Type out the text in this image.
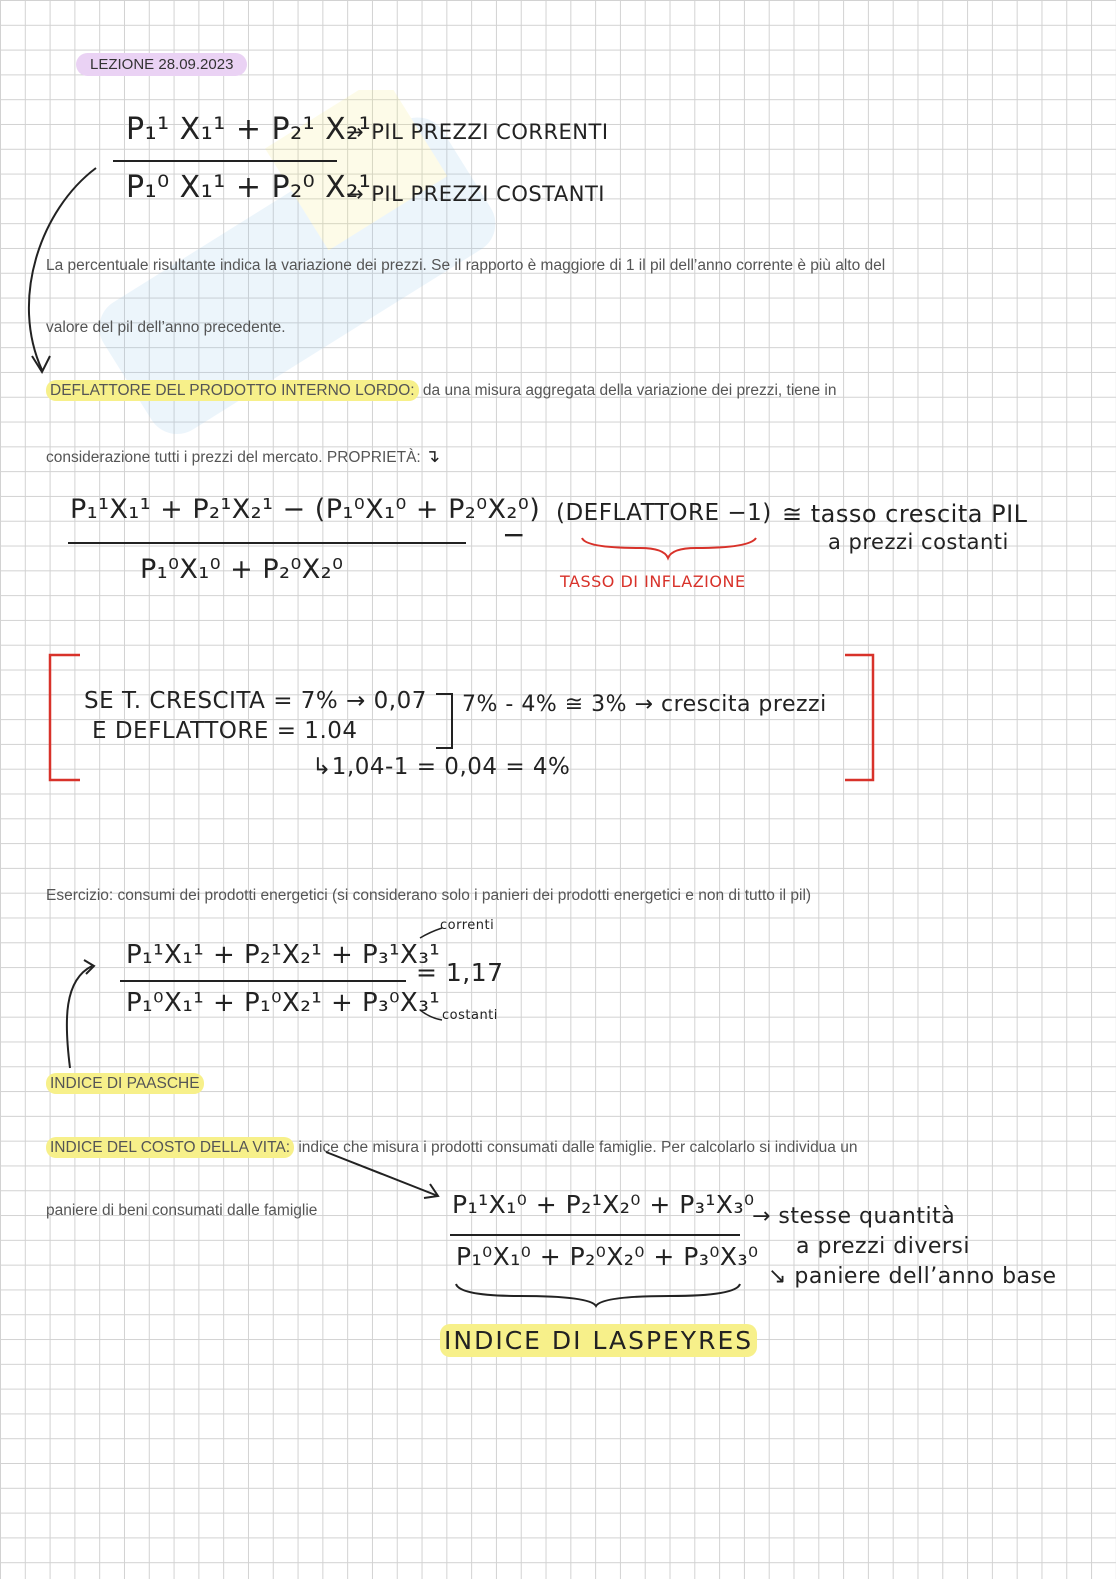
LEZIONE 28.09.2023
P₁¹ X₁¹ + P₂¹ X₂¹
P₁⁰ X₁¹ + P₂⁰ X₂¹
→ PIL PREZZI CORRENTI
→ PIL PREZZI COSTANTI
La percentuale risultante indica la variazione dei prezzi. Se il rapporto è maggiore di 1 il pil dell’anno corrente è più alto del
valore del pil dell’anno precedente.
DEFLATTORE DEL PRODOTTO INTERNO LORDO: da una misura aggregata della variazione dei prezzi, tiene in
considerazione tutti i prezzi del mercato. PROPRIETÀ: ↴
P₁¹X₁¹ + P₂¹X₂¹ − (P₁⁰X₁⁰ + P₂⁰X₂⁰)
P₁⁰X₁⁰ + P₂⁰X₂⁰
−
(DEFLATTORE −1) ≅ tasso crescita PIL
a prezzi costanti
TASSO DI INFLAZIONE
SE T. CRESCITA = 7% → 0,07
E DEFLATTORE = 1.04
7% - 4% ≅ 3% → crescita prezzi
↳1,04-1 = 0,04 = 4%
Esercizio: consumi dei prodotti energetici (si considerano solo i panieri dei prodotti energetici e non di tutto il pil)
P₁¹X₁¹ + P₂¹X₂¹ + P₃¹X₃¹
P₁⁰X₁¹ + P₁⁰X₂¹ + P₃⁰X₃¹
= 1,17
correnti
costanti
INDICE DI PAASCHE
INDICE DEL COSTO DELLA VITA: indice che misura i prodotti consumati dalle famiglie. Per calcolarlo si individua un
paniere di beni consumati dalle famiglie	P₁¹X₁⁰ + P₂¹X₂⁰ + P₃¹X₃⁰
P₁⁰X₁⁰ + P₂⁰X₂⁰ + P₃⁰X₃⁰
→ stesse quantità
a prezzi diversi
↘ paniere dell’anno base
INDICE DI LASPEYRES
